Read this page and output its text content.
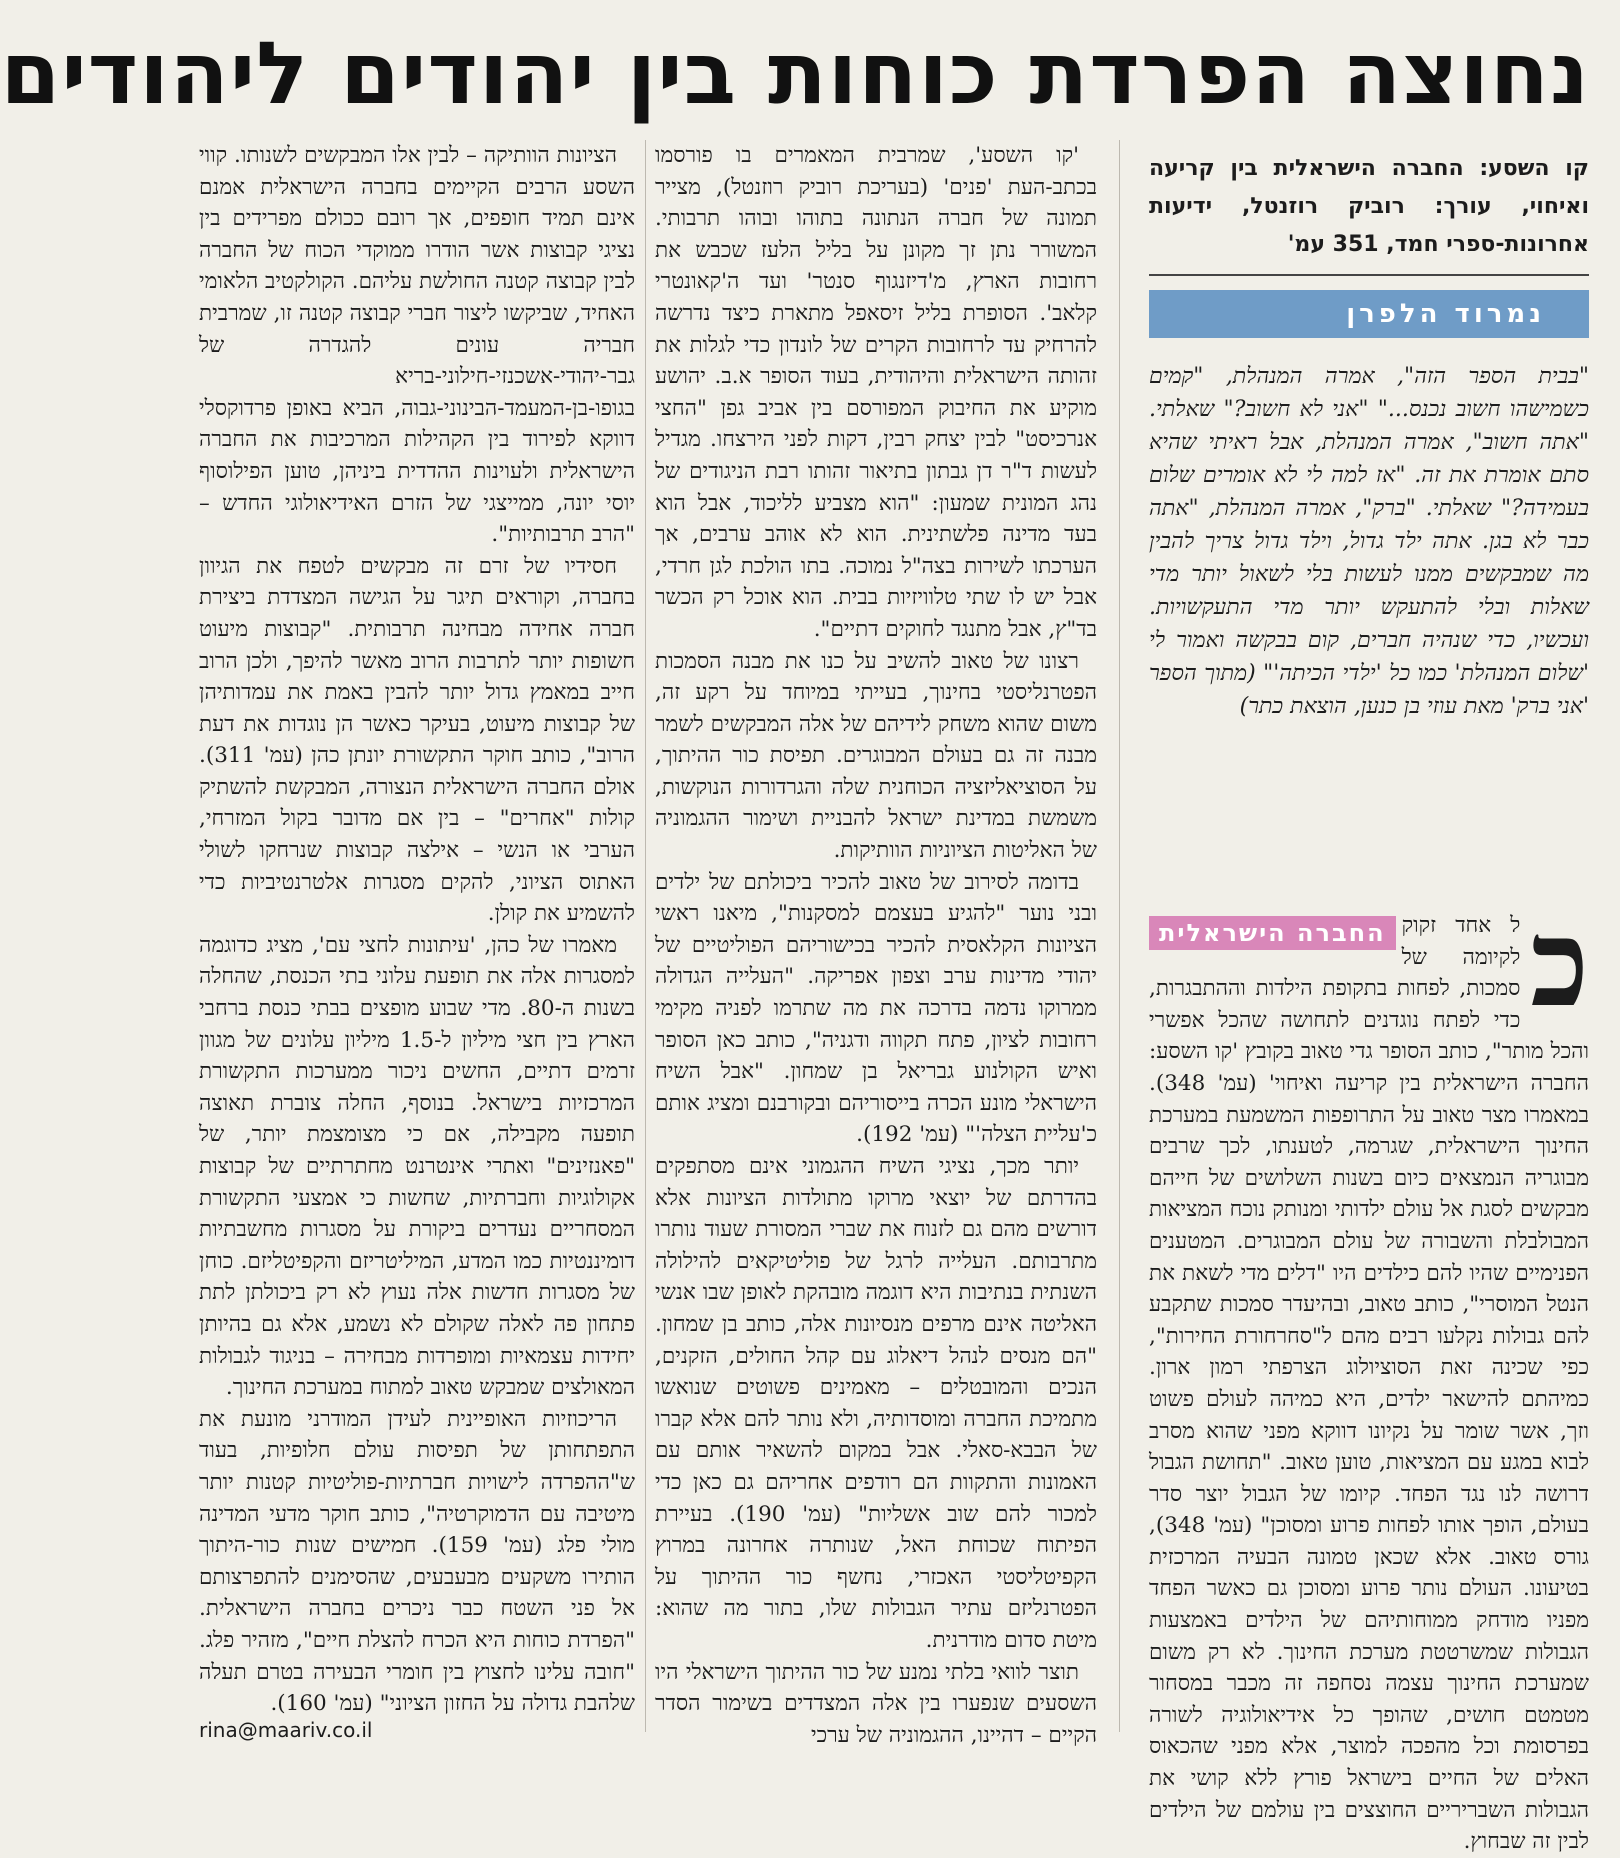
נחוצה הפרדת כוחות בין יהודים ליהודים
קו השסע: החברה הישראלית בין קריעה ואיחוי, עורך: רוביק רוזנטל, ידיעות אחרונות-ספרי חמד, 351 עמ'
נמרוד הלפרן
"בבית הספר הזה", אמרה המנהלת, "קמים כשמישהו חשוב נכנס..." "אני לא חשוב?" שאלתי. "אתה חשוב", אמרה המנהלת, אבל ראיתי שהיא סתם אומרת את זה. "אז למה לי לא אומרים שלום בעמידה?" שאלתי. "ברק", אמרה המנהלת, "אתה כבר לא בגן. אתה ילד גדול, וילד גדול צריך להבין מה שמבקשים ממנו לעשות בלי לשאול יותר מדי שאלות ובלי להתעקש יותר מדי התעקשויות. ועכשיו, כדי שנהיה חברים, קום בבקשה ואמור לי 'שלום המנהלת' כמו כל 'ילדי הכיתה'" (מתוך הספר 'אני ברק' מאת עוזי בן כנען, הוצאת כתר)
כ
החברה הישראלית ל אחד זקוק לקיומה של סמכות, לפחות בתקופת הילדות וההתבגרות, כדי לפתח נוגדנים לתחושה שהכל אפשרי והכל מותר", כותב הסופר גדי טאוב בקובץ 'קו השסע: החברה הישראלית בין קריעה ואיחוי' (עמ' 348). במאמרו מצר טאוב על התרופפות המשמעת במערכת החינוך הישראלית, שגרמה, לטענתו, לכך שרבים מבוגריה הנמצאים כיום בשנות השלושים של חייהם מבקשים לסגת אל עולם ילדותי ומנותק נוכח המציאות המבולבלת והשבורה של עולם המבוגרים. המטענים הפנימיים שהיו להם כילדים היו "דלים מדי לשאת את הנטל המוסרי", כותב טאוב, ובהיעדר סמכות שתקבע להם גבולות נקלעו רבים מהם ל"סחרחורת החירות", כפי שכינה זאת הסוציולוג הצרפתי רמון ארון. כמיהתם להישאר ילדים, היא כמיהה לעולם פשוט וזך, אשר שומר על נקיונו דווקא מפני שהוא מסרב לבוא במגע עם המציאות, טוען טאוב. "תחושת הגבול דרושה לנו נגד הפחד. קיומו של הגבול יוצר סדר בעולם, הופך אותו לפחות פרוע ומסוכן" (עמ' 348), גורס טאוב. אלא שכאן טמונה הבעיה המרכזית בטיעונו. העולם נותר פרוע ומסוכן גם כאשר הפחד מפניו מודחק ממוחותיהם של הילדים באמצעות הגבולות שמשרטטת מערכת החינוך. לא רק משום שמערכת החינוך עצמה נסחפה זה מכבר במסחור מטמטם חושים, שהופך כל אידיאולוגיה לשורה בפרסומת וכל מהפכה למוצר, אלא מפני שהכאוס האלים של החיים בישראל פורץ ללא קושי את הגבולות השבריריים החוצצים בין עולמם של הילדים לבין זה שבחוץ.

'קו השסע', שמרבית המאמרים בו פורסמו בכתב-העת 'פנים' (בעריכת רוביק רוזנטל), מצייר תמונה של חברה הנתונה בתוהו ובוהו תרבותי. המשורר נתן זך מקונן על בליל הלעז שכבש את רחובות הארץ, מ'דיזנגוף סנטר' ועד ה'קאונטרי קלאב'. הסופרת בליל זיסאפל מתארת כיצד נדרשה להרחיק עד לרחובות הקרים של לונדון כדי לגלות את זהותה הישראלית והיהודית, בעוד הסופר א.ב. יהושע מוקיע את החיבוק המפורסם בין אביב גפן "החצי אנרכיסט" לבין יצחק רבין, דקות לפני הירצחו. מגדיל לעשות ד"ר דן גבתון בתיאור זהותו רבת הניגודים של נהג המונית שמעון: "הוא מצביע לליכוד, אבל הוא בעד מדינה פלשתינית. הוא לא אוהב ערבים, אך הערכתו לשירות בצה"ל נמוכה. בתו הולכת לגן חרדי, אבל יש לו שתי טלוויזיות בבית. הוא אוכל רק הכשר בד"ץ, אבל מתנגד לחוקים דתיים".

רצונו של טאוב להשיב על כנו את מבנה הסמכות הפטרנליסטי בחינוך, בעייתי במיוחד על רקע זה, משום שהוא משחק לידיהם של אלה המבקשים לשמר מבנה זה גם בעולם המבוגרים. תפיסת כור ההיתוך, על הסוציאליזציה הכוחנית שלה והגרדורות הנוקשות, משמשת במדינת ישראל להבניית ושימור ההגמוניה של האליטות הציוניות הוותיקות.

בדומה לסירוב של טאוב להכיר ביכולתם של ילדים ובני נוער "להגיע בעצמם למסקנות", מיאנו ראשי הציונות הקלאסית להכיר בכישוריהם הפוליטיים של יהודי מדינות ערב וצפון אפריקה. "העלייה הגדולה ממרוקו נדמה בדרכה את מה שתרמו לפניה מקימי רחובות לציון, פתח תקווה ודגניה", כותב כאן הסופר ואיש הקולנוע גבריאל בן שמחון. "אבל השיח הישראלי מונע הכרה בייסוריהם ובקורבנם ומציג אותם כ'עליית הצלה'" (עמ' 192).

יותר מכך, נציגי השיח ההגמוני אינם מסתפקים בהדרתם של יוצאי מרוקו מתולדות הציונות אלא דורשים מהם גם לזנוח את שברי המסורת שעוד נותרו מתרבותם. העלייה לרגל של פוליטיקאים להילולה השנתית בנתיבות היא דוגמה מובהקת לאופן שבו אנשי האליטה אינם מרפים מנסיונות אלה, כותב בן שמחון. "הם מנסים לנהל דיאלוג עם קהל החולים, הזקנים, הנכים והמובטלים – מאמינים פשוטים שנואשו מתמיכת החברה ומוסדותיה, ולא נותר להם אלא קברו של הבבא-סאלי. אבל במקום להשאיר אותם עם האמונות והתקוות הם רודפים אחריהם גם כאן כדי למכור להם שוב אשליות" (עמ' 190). בעיירת הפיתוח שכוחת האל, שנותרה אחרונה במרוץ הקפיטליסטי האכזרי, נחשף כור ההיתוך על הפטרנליזם עתיר הגבולות שלו, בתור מה שהוא: מיטת סדום מודרנית.

תוצר לוואי בלתי נמנע של כור ההיתוך הישראלי היו השסעים שנפערו בין אלה המצדדים בשימור הסדר הקיים – דהיינו, ההגמוניה של ערכי

הציונות הוותיקה – לבין אלו המבקשים לשנותו. קווי השסע הרבים הקיימים בחברה הישראלית אמנם אינם תמיד חופפים, אך רובם ככולם מפרידים בין נציגי קבוצות אשר הודרו ממוקדי הכוח של החברה לבין קבוצה קטנה החולשת עליהם. הקולקטיב הלאומי האחיד, שביקשו ליצור חברי קבוצה קטנה זו, שמרבית חבריה עונים להגדרה של גבר-יהודי-אשכנזי-חילוני-בריא בגופו-בן-המעמד-הבינוני-גבוה, הביא באופן פרדוקסלי דווקא לפירוד בין הקהילות המרכיבות את החברה הישראלית ולעוינות ההדדית ביניהן, טוען הפילוסוף יוסי יונה, ממייצגי של הזרם האידיאולוגי החדש – "הרב תרבותיות".

חסידיו של זרם זה מבקשים לטפח את הגיוון בחברה, וקוראים תיגר על הגישה המצדדת ביצירת חברה אחידה מבחינה תרבותית. "קבוצות מיעוט חשופות יותר לתרבות הרוב מאשר להיפך, ולכן הרוב חייב במאמץ גדול יותר להבין באמת את עמדותיהן של קבוצות מיעוט, בעיקר כאשר הן נוגדות את דעת הרוב", כותב חוקר התקשורת יונתן כהן (עמ' 311). אולם החברה הישראלית הנצורה, המבקשת להשתיק קולות "אחרים" – בין אם מדובר בקול המזרחי, הערבי או הנשי – אילצה קבוצות שנרחקו לשולי האתוס הציוני, להקים מסגרות אלטרנטיביות כדי להשמיע את קולן.

מאמרו של כהן, 'עיתונות לחצי עם', מציג כדוגמה למסגרות אלה את תופעת עלוני בתי הכנסת, שהחלה בשנות ה-80. מדי שבוע מופצים בבתי כנסת ברחבי הארץ בין חצי מיליון ל-1.5 מיליון עלונים של מגוון זרמים דתיים, החשים ניכור ממערכות התקשורת המרכזיות בישראל. בנוסף, החלה צוברת תאוצה תופעה מקבילה, אם כי מצומצמת יותר, של "פאנזינים" ואתרי אינטרנט מחתרתיים של קבוצות אקולוגיות וחברתיות, שחשות כי אמצעי התקשורת המסחריים נעדרים ביקורת על מסגרות מחשבתיות דומיננטיות כמו המדע, המיליטריזם והקפיטליזם. כוחן של מסגרות חדשות אלה נעוץ לא רק ביכולתן לתת פתחון פה לאלה שקולם לא נשמע, אלא גם בהיותן יחידות עצמאיות ומופרדות מבחירה – בניגוד לגבולות המאולצים שמבקש טאוב למתוח במערכת החינוך.

הריכוזיות האופיינית לעידן המודרני מונעת את התפתחותן של תפיסות עולם חלופיות, בעוד ש"ההפרדה לישויות חברתיות-פוליטיות קטנות יותר מיטיבה עם הדמוקרטיה", כותב חוקר מדעי המדינה מולי פלג (עמ' 159). חמישים שנות כור-היתוך הותירו משקעים מבעבעים, שהסימנים להתפרצותם אל פני השטח כבר ניכרים בחברה הישראלית. "הפרדת כוחות היא הכרח להצלת חיים", מזהיר פלג. "חובה עלינו לחצוץ בין חומרי הבעירה בטרם תעלה שלהבת גדולה על החזון הציוני" (עמ' 160).

rina@maariv.co.il
